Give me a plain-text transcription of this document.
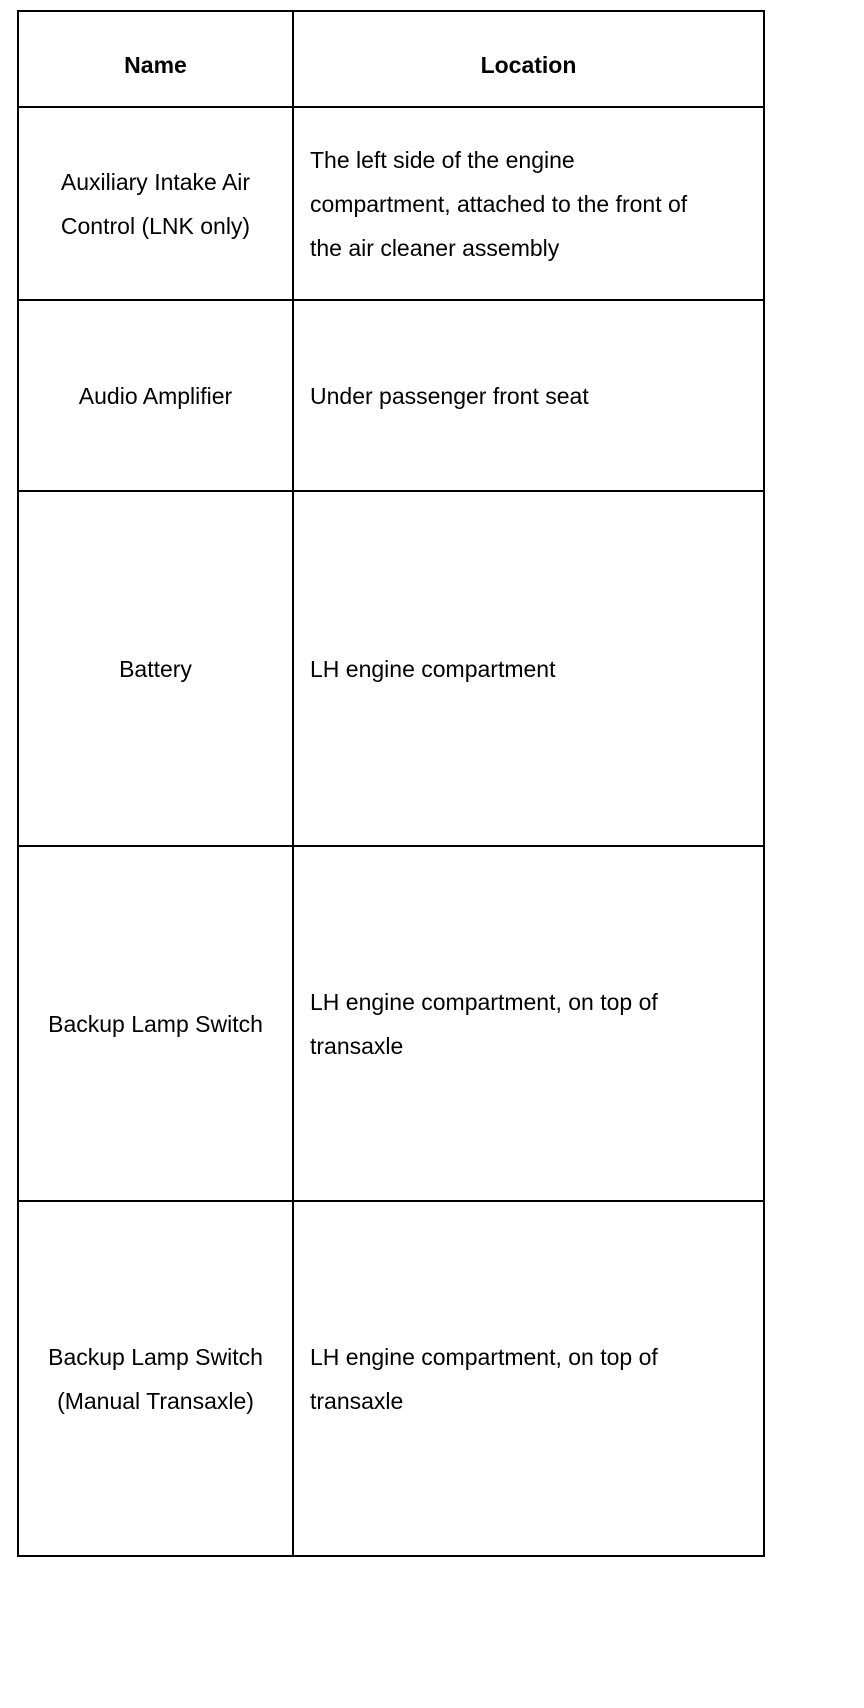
Name	Location

Auxiliary Intake Air Control (LNK only)	The left side of the engine compartment, attached to the front of the air cleaner assembly

Audio Amplifier	Under passenger front seat

Battery	LH engine compartment

Backup Lamp Switch	LH engine compartment, on top of transaxle

Backup Lamp Switch (Manual Transaxle)	LH engine compartment, on top of transaxle
